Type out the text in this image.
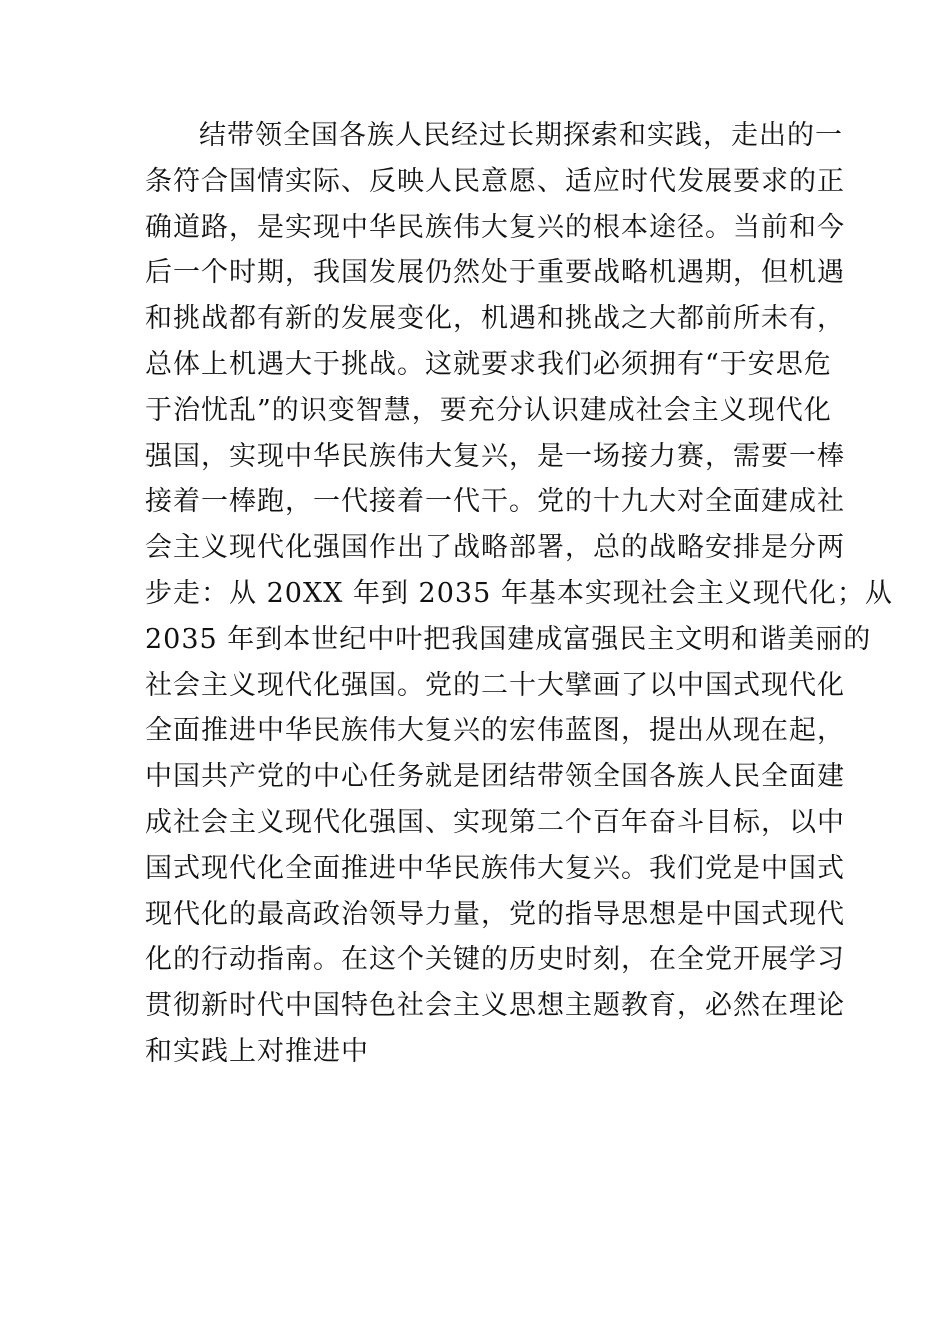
结带领全国各族人民经过长期探索和实践，走出的一
条符合国情实际、反映人民意愿、适应时代发展要求的正
确道路，是实现中华民族伟大复兴的根本途径。当前和今
后一个时期，我国发展仍然处于重要战略机遇期，但机遇
和挑战都有新的发展变化，机遇和挑战之大都前所未有，
总体上机遇大于挑战。这就要求我们必须拥有“于安思危
于治忧乱”的识变智慧，要充分认识建成社会主义现代化
强国，实现中华民族伟大复兴，是一场接力赛，需要一棒
接着一棒跑，一代接着一代干。党的十九大对全面建成社
会主义现代化强国作出了战略部署，总的战略安排是分两
步走：从 20XX 年到 2035 年基本实现社会主义现代化；从
2035 年到本世纪中叶把我国建成富强民主文明和谐美丽的
社会主义现代化强国。党的二十大擘画了以中国式现代化
全面推进中华民族伟大复兴的宏伟蓝图，提出从现在起，
中国共产党的中心任务就是团结带领全国各族人民全面建
成社会主义现代化强国、实现第二个百年奋斗目标，以中
国式现代化全面推进中华民族伟大复兴。我们党是中国式
现代化的最高政治领导力量，党的指导思想是中国式现代
化的行动指南。在这个关键的历史时刻，在全党开展学习
贯彻新时代中国特色社会主义思想主题教育，必然在理论
和实践上对推进中
